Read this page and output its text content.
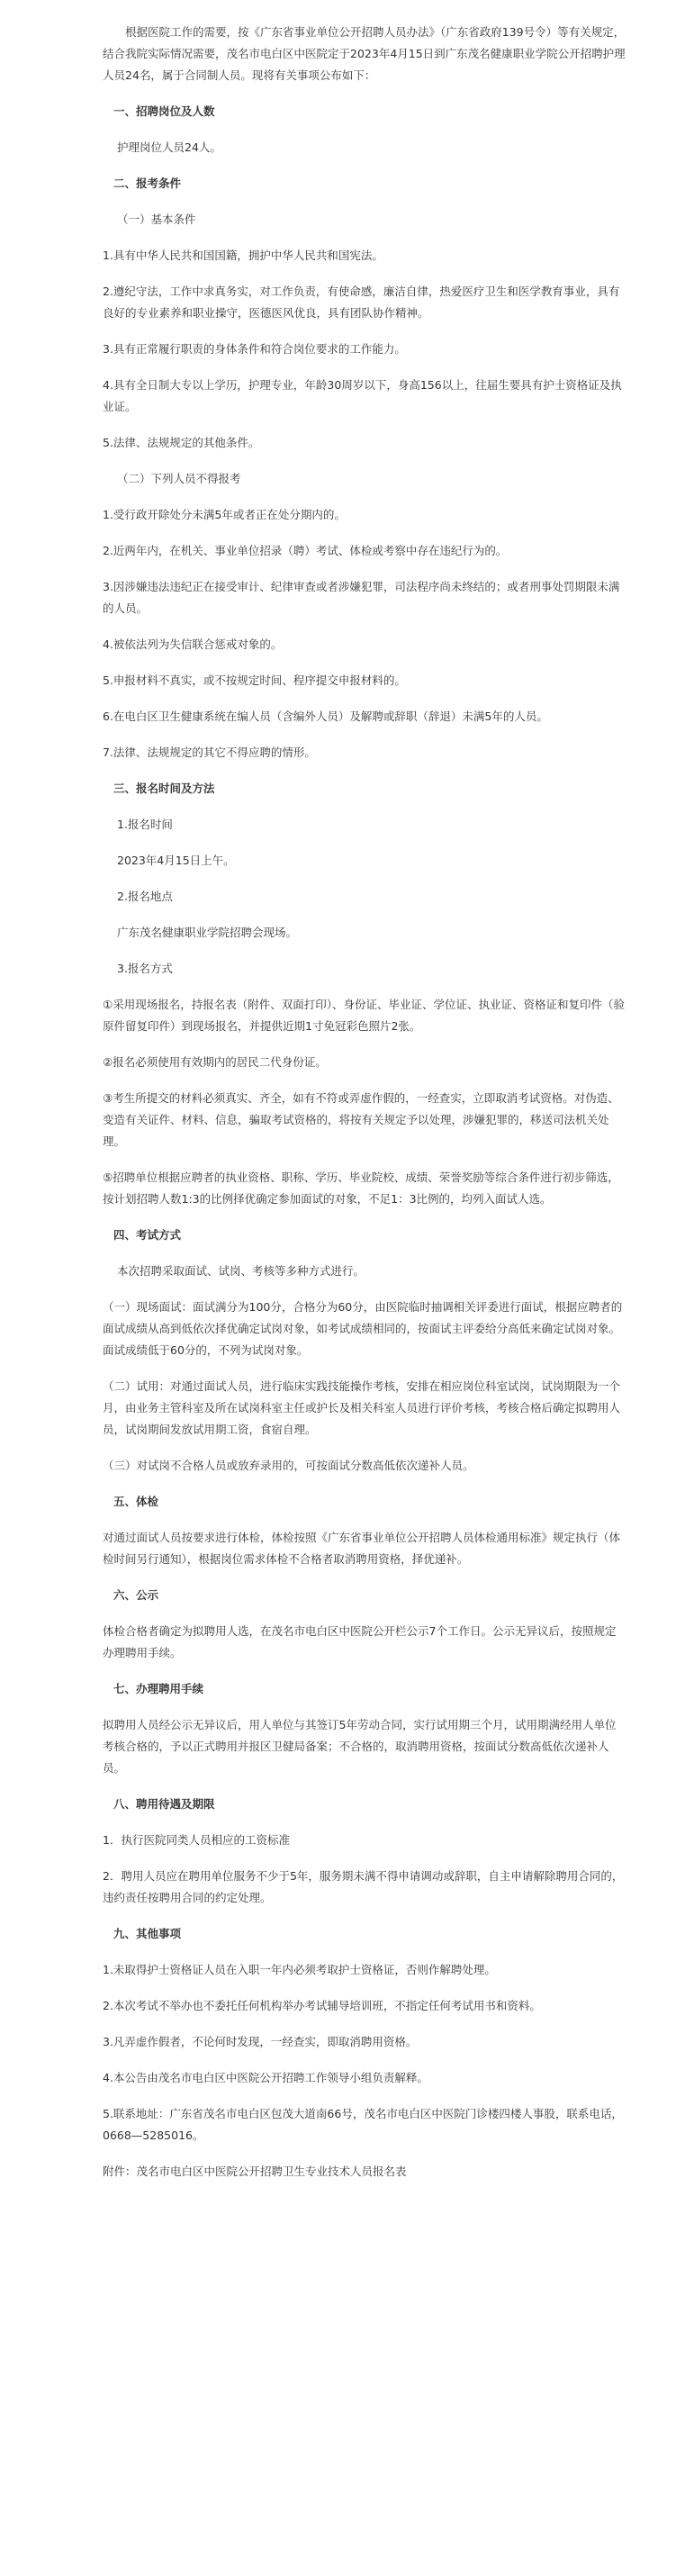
根据医院工作的需要，按《广东省事业单位公开招聘人员办法》（广东省政府139号令）等有关规定，结合我院实际情况需要，茂名市电白区中医院定于2023年4月15日到广东茂名健康职业学院公开招聘护理人员24名，属于合同制人员。现将有关事项公布如下：

一、招聘岗位及人数

护理岗位人员24人。

二、报考条件

（一）基本条件

1.具有中华人民共和国国籍，拥护中华人民共和国宪法。

2.遵纪守法，工作中求真务实，对工作负责，有使命感，廉洁自律，热爱医疗卫生和医学教育事业，具有良好的专业素养和职业操守，医德医风优良，具有团队协作精神。

3.具有正常履行职责的身体条件和符合岗位要求的工作能力。

4.具有全日制大专以上学历，护理专业，年龄30周岁以下，身高156以上，往届生要具有护士资格证及执业证。

5.法律、法规规定的其他条件。

（二）下列人员不得报考

1.受行政开除处分未满5年或者正在处分期内的。

2.近两年内，在机关、事业单位招录（聘）考试、体检或考察中存在违纪行为的。

3.因涉嫌违法违纪正在接受审计、纪律审查或者涉嫌犯罪，司法程序尚未终结的；或者刑事处罚期限未满的人员。

4.被依法列为失信联合惩戒对象的。

5.申报材料不真实，或不按规定时间、程序提交申报材料的。

6.在电白区卫生健康系统在编人员（含编外人员）及解聘或辞职（辞退）未满5年的人员。

7.法律、法规规定的其它不得应聘的情形。

三、报名时间及方法

1.报名时间

2023年4月15日上午。

2.报名地点

广东茂名健康职业学院招聘会现场。

3.报名方式

①采用现场报名，持报名表（附件、双面打印）、身份证、毕业证、学位证、执业证、资格证和复印件（验原件留复印件）到现场报名，并提供近期1寸免冠彩色照片2张。

②报名必须使用有效期内的居民二代身份证。

③考生所提交的材料必须真实、齐全，如有不符或弄虚作假的，一经查实，立即取消考试资格。对伪造、变造有关证件、材料、信息，骗取考试资格的，将按有关规定予以处理，涉嫌犯罪的，移送司法机关处理。

⑤招聘单位根据应聘者的执业资格、职称、学历、毕业院校、成绩、荣誉奖励等综合条件进行初步筛选，按计划招聘人数1:3的比例择优确定参加面试的对象，不足1：3比例的，均列入面试人选。

四、考试方式

本次招聘采取面试、试岗、考核等多种方式进行。

（一）现场面试：面试满分为100分，合格分为60分，由医院临时抽调相关评委进行面试，根据应聘者的面试成绩从高到低依次择优确定试岗对象，如考试成绩相同的，按面试主评委给分高低来确定试岗对象。面试成绩低于60分的，不列为试岗对象。

（二）试用：对通过面试人员，进行临床实践技能操作考核，安排在相应岗位科室试岗，试岗期限为一个月，由业务主管科室及所在试岗科室主任或护长及相关科室人员进行评价考核，考核合格后确定拟聘用人员，试岗期间发放试用期工资，食宿自理。

（三）对试岗不合格人员或放弃录用的，可按面试分数高低依次递补人员。

五、体检

对通过面试人员按要求进行体检，体检按照《广东省事业单位公开招聘人员体检通用标准》规定执行（体检时间另行通知），根据岗位需求体检不合格者取消聘用资格，择优递补。

六、公示

体检合格者确定为拟聘用人选，在茂名市电白区中医院公开栏公示7个工作日。公示无异议后，按照规定办理聘用手续。

七、办理聘用手续

拟聘用人员经公示无异议后，用人单位与其签订5年劳动合同，实行试用期三个月，试用期满经用人单位考核合格的，予以正式聘用并报区卫健局备案；不合格的，取消聘用资格，按面试分数高低依次递补人员。

八、聘用待遇及期限

1．执行医院同类人员相应的工资标准

2．聘用人员应在聘用单位服务不少于5年，服务期未满不得申请调动或辞职，自主申请解除聘用合同的，违约责任按聘用合同的约定处理。

九、其他事项

1.未取得护士资格证人员在入职一年内必须考取护士资格证，否则作解聘处理。

2.本次考试不举办也不委托任何机构举办考试辅导培训班，不指定任何考试用书和资料。

3.凡弄虚作假者，不论何时发现，一经查实，即取消聘用资格。

4.本公告由茂名市电白区中医院公开招聘工作领导小组负责解释。

5.联系地址：广东省茂名市电白区包茂大道南66号，茂名市电白区中医院门诊楼四楼人事股，联系电话，0668—5285016。

附件：茂名市电白区中医院公开招聘卫生专业技术人员报名表
